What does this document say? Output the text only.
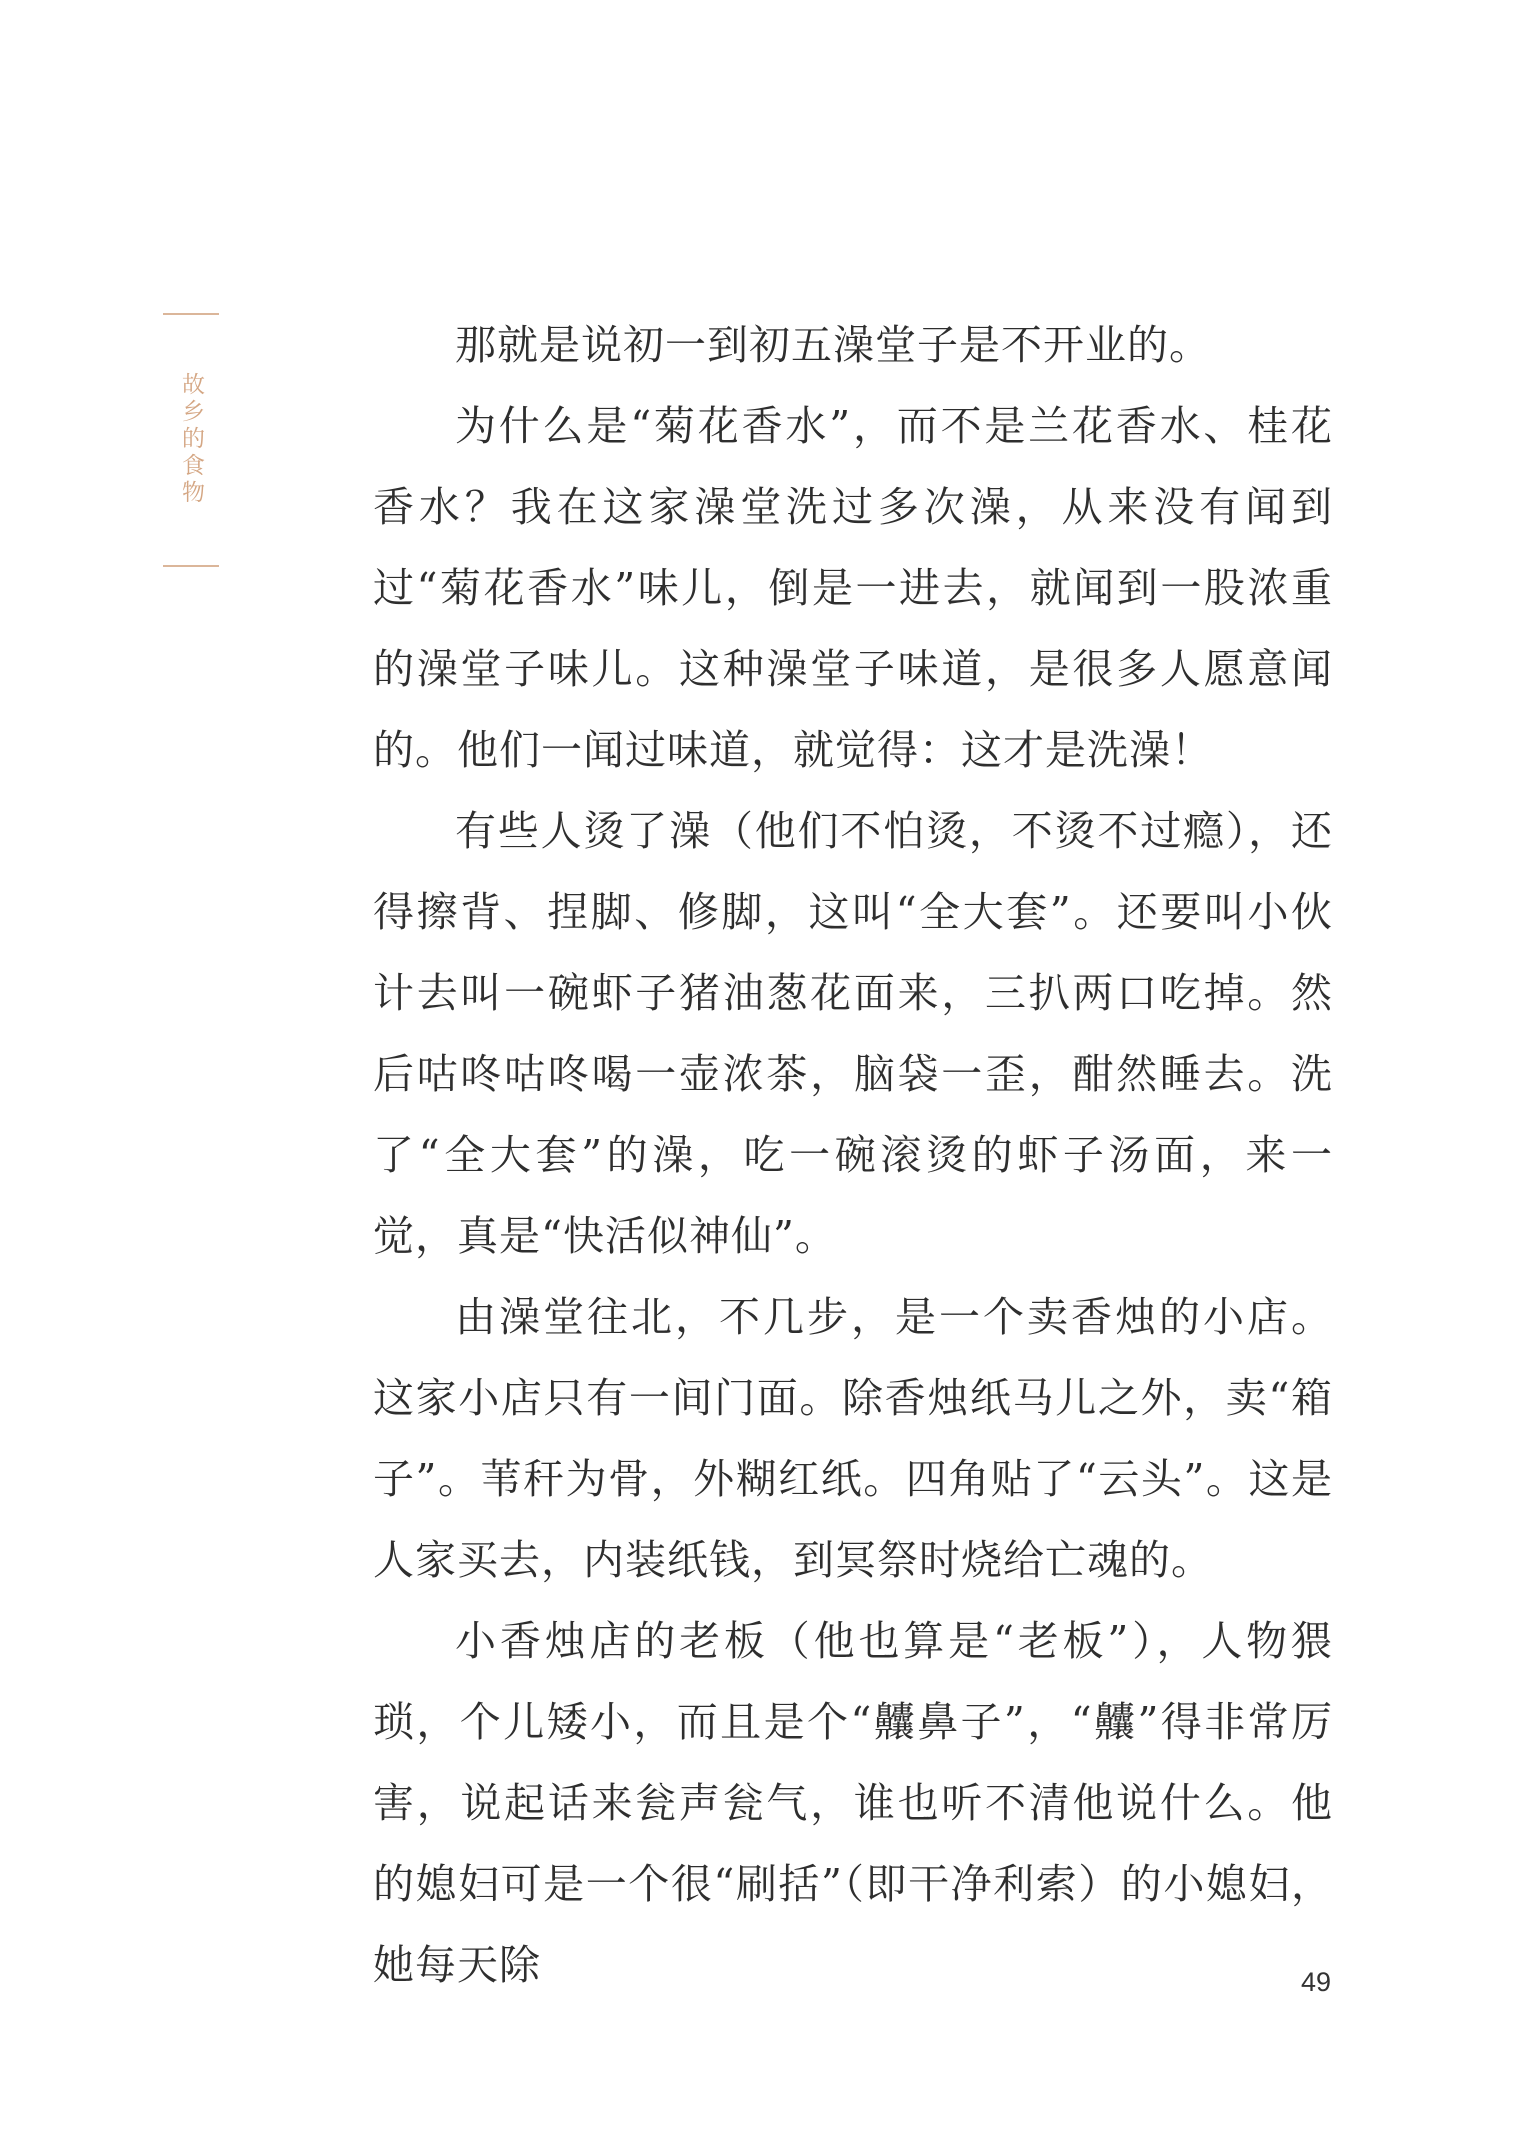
故乡的食物

那就是说初一到初五澡堂子是不开业的。

为什么是“菊花香水”，而不是兰花香水、桂花香水？我在这家澡堂洗过多次澡，从来没有闻到过“菊花香水”味儿，倒是一进去，就闻到一股浓重的澡堂子味儿。这种澡堂子味道，是很多人愿意闻的。他们一闻过味道，就觉得：这才是洗澡！

有些人烫了澡（他们不怕烫，不烫不过瘾），还得擦背、捏脚、修脚，这叫“全大套”。还要叫小伙计去叫一碗虾子猪油葱花面来，三扒两口吃掉。然后咕咚咕咚喝一壶浓茶，脑袋一歪，酣然睡去。洗了“全大套”的澡，吃一碗滚烫的虾子汤面，来一觉，真是“快活似神仙”。

由澡堂往北，不几步，是一个卖香烛的小店。这家小店只有一间门面。除香烛纸马儿之外，卖“箱子”。苇秆为骨，外糊红纸。四角贴了“云头”。这是人家买去，内装纸钱，到冥祭时烧给亡魂的。

小香烛店的老板（他也算是“老板”），人物猥琐，个儿矮小，而且是个“齉鼻子”，“齉”得非常厉害，说起话来瓮声瓮气，谁也听不清他说什么。他的媳妇可是一个很“刷括”（即干净利索）的小媳妇，她每天除	49
